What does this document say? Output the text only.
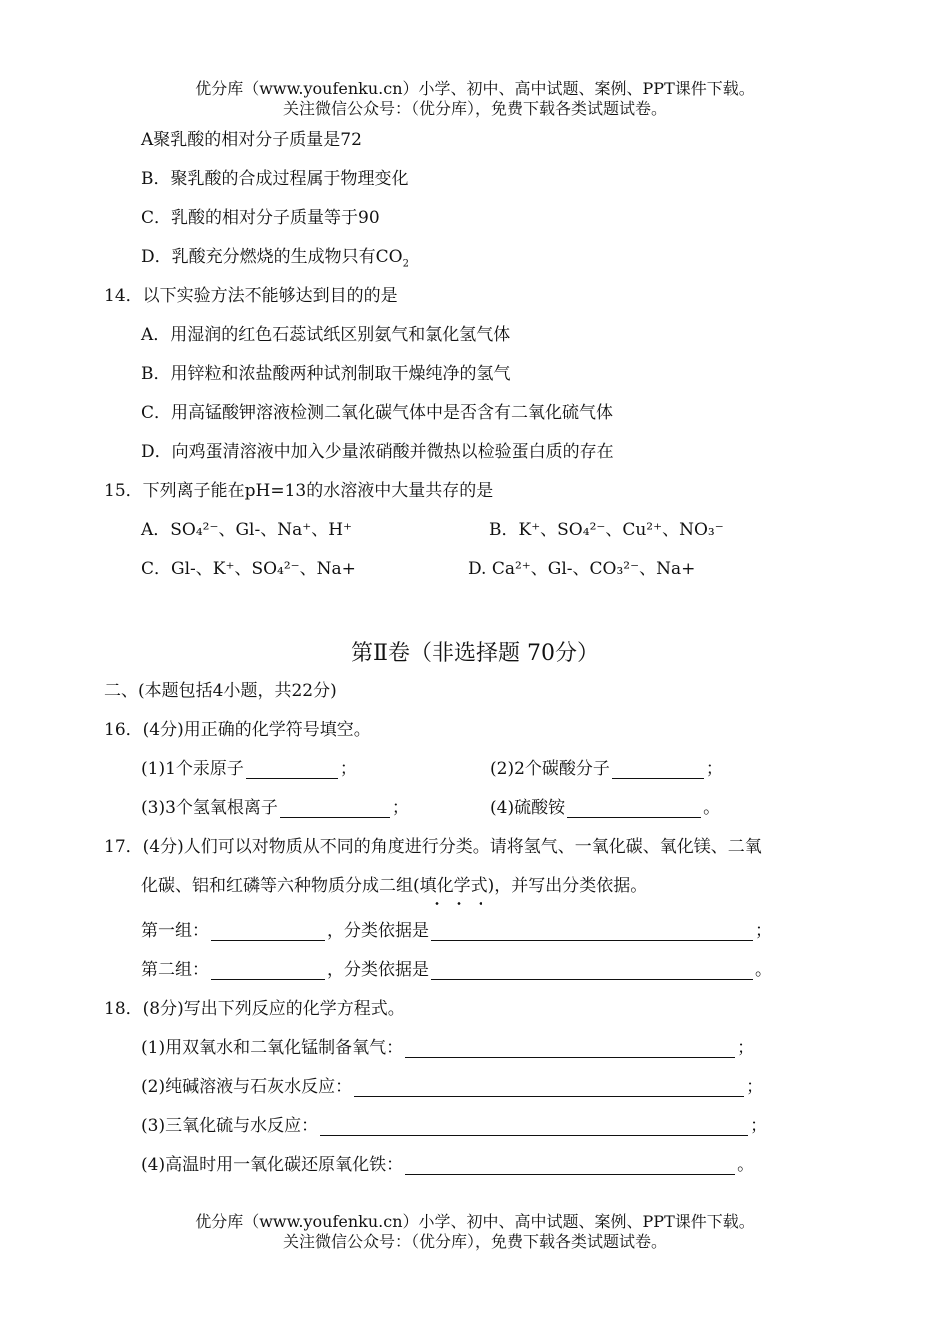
优分库（www.youfenku.cn）小学、初中、高中试题、案例、PPT课件下载。
关注微信公众号：（优分库），免费下载各类试题试卷。
A聚乳酸的相对分子质量是72
B．聚乳酸的合成过程属于物理变化
C．乳酸的相对分子质量等于90
D．乳酸充分燃烧的生成物只有$CO_2$
14．以下实验方法不能够达到目的的是
A．用湿润的红色石蕊试纸区别氨气和氯化氢气体
B．用锌粒和浓盐酸两种试剂制取干燥纯净的氢气
C．用高锰酸钾溶液检测二氧化碳气体中是否含有二氧化硫气体
D．向鸡蛋清溶液中加入少量浓硝酸并微热以检验蛋白质的存在
15．下列离子能在pH=13的水溶液中大量共存的是
A．SO₄²⁻、Gl-、Na⁺、H⁺	B．K⁺、SO₄²⁻、Cu²⁺、NO₃⁻
C．Gl-、K⁺、SO₄²⁻、Na+	D. Ca²⁺、Gl-、CO₃²⁻、Na+
第Ⅱ卷（非选择题 70分）
二、(本题包括4小题，共22分)
16．(4分)用正确的化学符号填空。
(1)1个汞原子	；	(2)2个碳酸分子	；
(3)3个氢氧根离子	；	(4)硫酸铵	。
17．(4分)人们可以对物质从不同的角度进行分类。请将氢气、一氧化碳、氧化镁、二氧
化碳、铝和红磷等六种物质分成二组(填化学式)，并写出分类依据。
第一组：	，分类依据是	；
第二组：	，分类依据是	。
18．(8分)写出下列反应的化学方程式。
(1)用双氧水和二氧化锰制备氧气：	；
(2)纯碱溶液与石灰水反应：	；
(3)三氧化硫与水反应：	；
(4)高温时用一氧化碳还原氧化铁：	。
优分库（www.youfenku.cn）小学、初中、高中试题、案例、PPT课件下载。
关注微信公众号：（优分库），免费下载各类试题试卷。
